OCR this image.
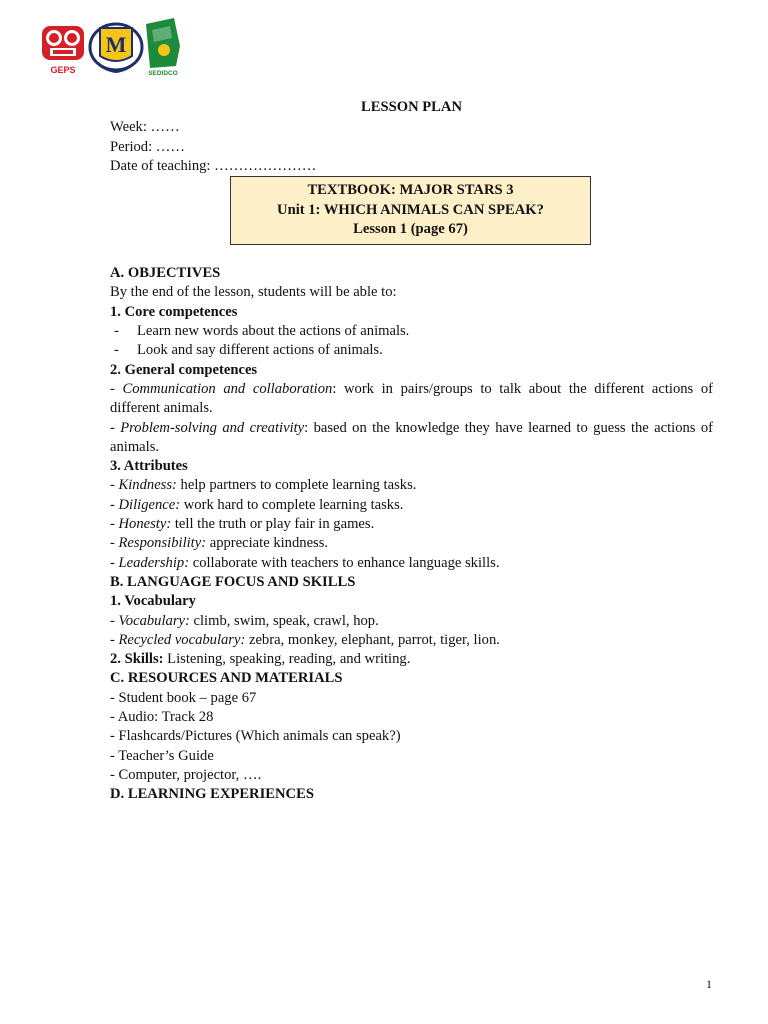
GEPS
M
SEDIDCO

LESSON PLAN

Week: ……

Period: ……

Date of teaching: …………………

TEXTBOOK: MAJOR STARS 3

Unit 1: WHICH ANIMALS CAN SPEAK?

Lesson 1 (page 67)

A. OBJECTIVES

By the end of the lesson, students will be able to:

1. Core competences

-	Learn new words about the actions of animals.
-	Look and say different actions of animals.

2. General competences

- Communication and collaboration: work in pairs/groups to talk about the different actions of different animals.

- Problem-solving and creativity: based on the knowledge they have learned to guess the actions of animals.

3. Attributes

- Kindness: help partners to complete learning tasks.

- Diligence: work hard to complete learning tasks.

- Honesty: tell the truth or play fair in games.

- Responsibility: appreciate kindness.

- Leadership: collaborate with teachers to enhance language skills.

B. LANGUAGE FOCUS AND SKILLS

1. Vocabulary

- Vocabulary: climb, swim, speak, crawl, hop.

- Recycled vocabulary: zebra, monkey, elephant, parrot, tiger, lion.

2. Skills: Listening, speaking, reading, and writing.

C. RESOURCES AND MATERIALS

- Student book – page 67

- Audio: Track 28

- Flashcards/Pictures (Which animals can speak?)

- Teacher’s Guide

- Computer, projector, ….

D. LEARNING EXPERIENCES

1
